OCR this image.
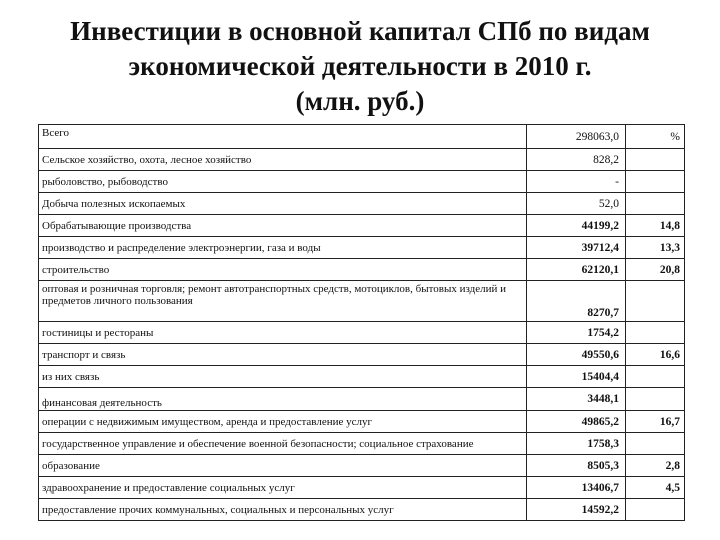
Инвестиции в основной капитал СПб по видам
экономической деятельности в 2010 г.
(млн. руб.)
Всего	298063,0	%
Сельское хозяйство, охота, лесное хозяйство	828,2	
рыболовство, рыбоводство	-	
Добыча полезных ископаемых	52,0	
Обрабатывающие производства	44199,2	14,8
производство и распределение электроэнергии, газа и воды	39712,4	13,3
строительство	62120,1	20,8
оптовая и розничная торговля; ремонт автотранспортных средств, мотоциклов, бытовых изделий и предметов личного пользования	8270,7	
гостиницы и рестораны	1754,2	
транспорт и связь	49550,6	16,6
из них связь	15404,4	
финансовая деятельность	3448,1	
операции с недвижимым имуществом, аренда и предоставление услуг	49865,2	16,7
государственное управление и обеспечение военной безопасности; социальное страхование	1758,3	
образование	8505,3	2,8
здравоохранение и предоставление социальных услуг	13406,7	4,5
предоставление прочих коммунальных, социальных и персональных услуг	14592,2	
